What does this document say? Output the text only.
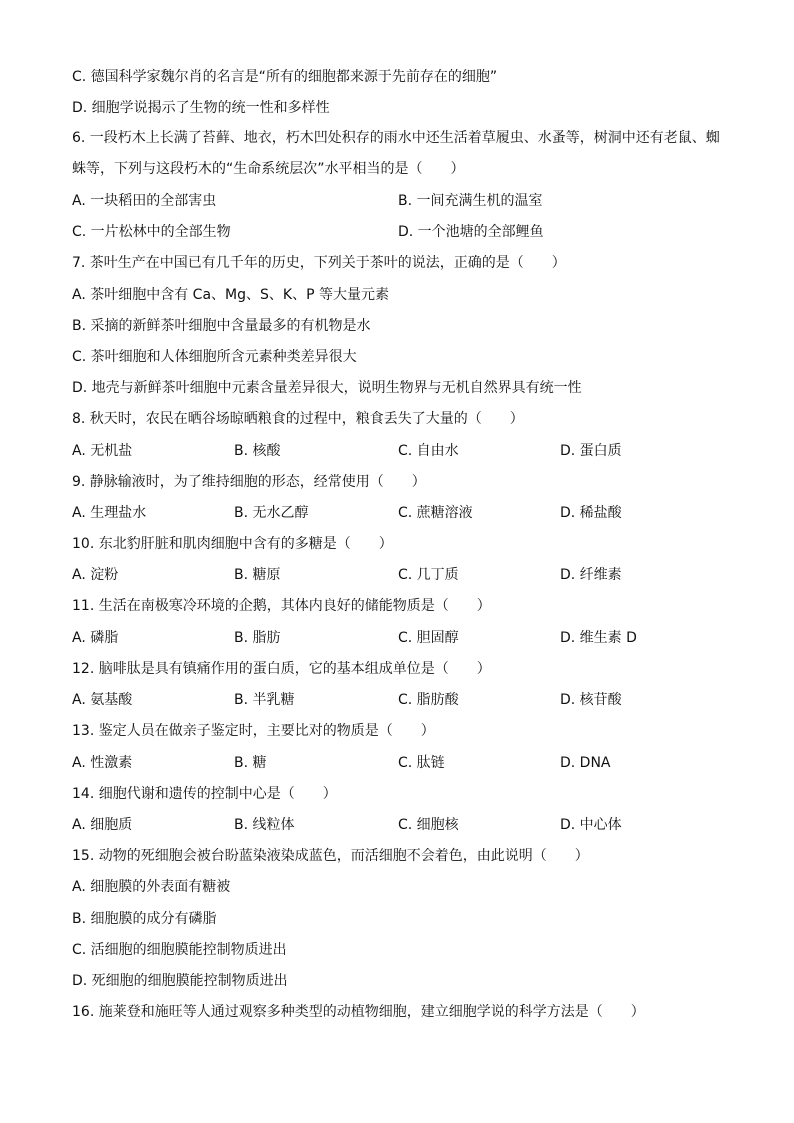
C. 德国科学家魏尔肖的名言是“所有的细胞都来源于先前存在的细胞”
D. 细胞学说揭示了生物的统一性和多样性
6. 一段朽木上长满了苔藓、地衣，朽木凹处积存的雨水中还生活着草履虫、水蚤等，树洞中还有老鼠、蜘蛛等，下列与这段朽木的“生命系统层次”水平相当的是（　　）
A. 一块稻田的全部害虫	B. 一间充满生机的温室
C. 一片松林中的全部生物	D. 一个池塘的全部鲤鱼
7. 茶叶生产在中国已有几千年的历史，下列关于茶叶的说法，正确的是（　　）
A. 茶叶细胞中含有 Ca、Mg、S、K、P 等大量元素
B. 采摘的新鲜茶叶细胞中含量最多的有机物是水
C. 茶叶细胞和人体细胞所含元素种类差异很大
D. 地壳与新鲜茶叶细胞中元素含量差异很大，说明生物界与无机自然界具有统一性
8. 秋天时，农民在晒谷场晾晒粮食的过程中，粮食丢失了大量的（　　）
A. 无机盐	B. 核酸	C. 自由水	D. 蛋白质
9. 静脉输液时，为了维持细胞的形态，经常使用（　　）
A. 生理盐水	B. 无水乙醇	C. 蔗糖溶液	D. 稀盐酸
10. 东北豹肝脏和肌肉细胞中含有的多糖是（　　）
A. 淀粉	B. 糖原	C. 几丁质	D. 纤维素
11. 生活在南极寒冷环境的企鹅，其体内良好的储能物质是（　　）
A. 磷脂	B. 脂肪	C. 胆固醇	D. 维生素 D
12. 脑啡肽是具有镇痛作用的蛋白质，它的基本组成单位是（　　）
A. 氨基酸	B. 半乳糖	C. 脂肪酸	D. 核苷酸
13. 鉴定人员在做亲子鉴定时，主要比对的物质是（　　）
A. 性激素	B. 糖	C. 肽链	D. DNA
14. 细胞代谢和遗传的控制中心是（　　）
A. 细胞质	B. 线粒体	C. 细胞核	D. 中心体
15. 动物的死细胞会被台盼蓝染液染成蓝色，而活细胞不会着色，由此说明（　　）
A. 细胞膜的外表面有糖被
B. 细胞膜的成分有磷脂
C. 活细胞的细胞膜能控制物质进出
D. 死细胞的细胞膜能控制物质进出
16. 施莱登和施旺等人通过观察多种类型的动植物细胞，建立细胞学说的科学方法是（　　）
